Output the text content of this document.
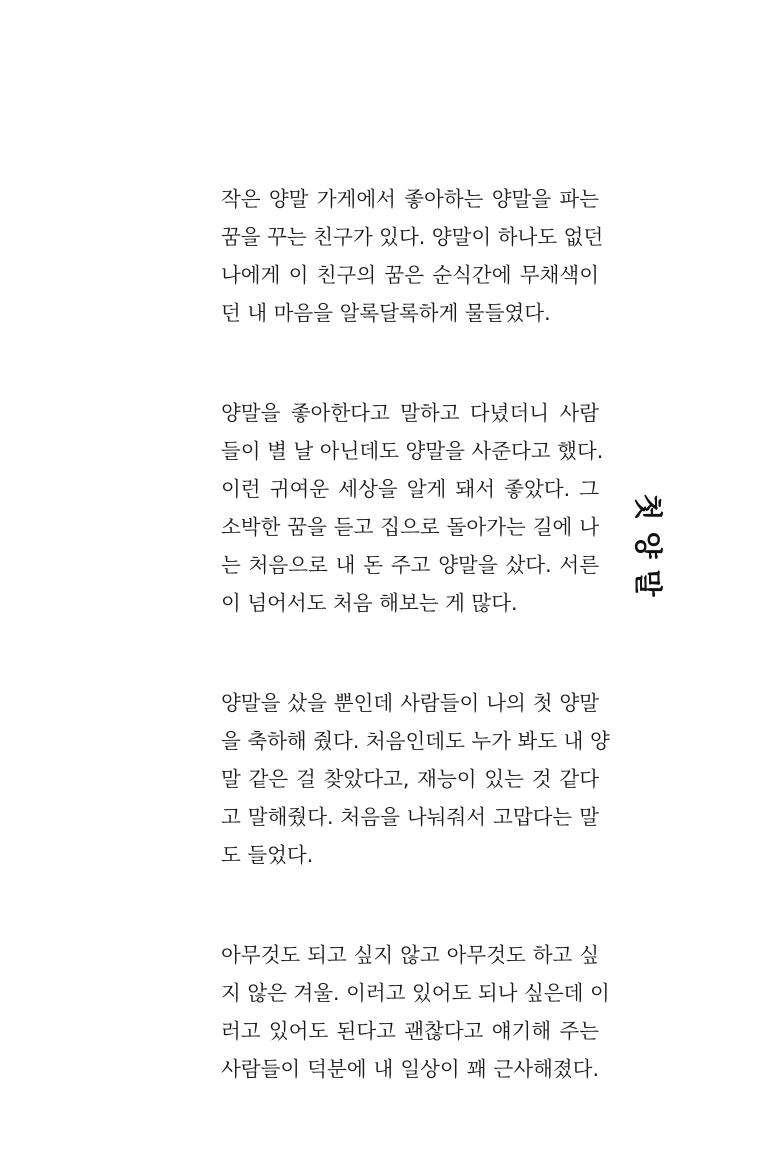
작은 양말 가게에서 좋아하는 양말을 파는
꿈을 꾸는 친구가 있다. 양말이 하나도 없던
나에게 이 친구의 꿈은 순식간에 무채색이
던 내 마음을 알록달록하게 물들였다.
양말을 좋아한다고 말하고 다녔더니 사람
들이 별 날 아닌데도 양말을 사준다고 했다.
이런 귀여운 세상을 알게 돼서 좋았다. 그
소박한 꿈을 듣고 집으로 돌아가는 길에 나
는 처음으로 내 돈 주고 양말을 샀다. 서른
이 넘어서도 처음 해보는 게 많다.
양말을 샀을 뿐인데 사람들이 나의 첫 양말
을 축하해 줬다. 처음인데도 누가 봐도 내 양
말 같은 걸 찾았다고, 재능이 있는 것 같다
고 말해줬다. 처음을 나눠줘서 고맙다는 말
도 들었다.
아무것도 되고 싶지 않고 아무것도 하고 싶
지 않은 겨울. 이러고 있어도 되나 싶은데 이
러고 있어도 된다고 괜찮다고 얘기해 주는
사람들이 덕분에 내 일상이 꽤 근사해졌다.
첫
양
말
